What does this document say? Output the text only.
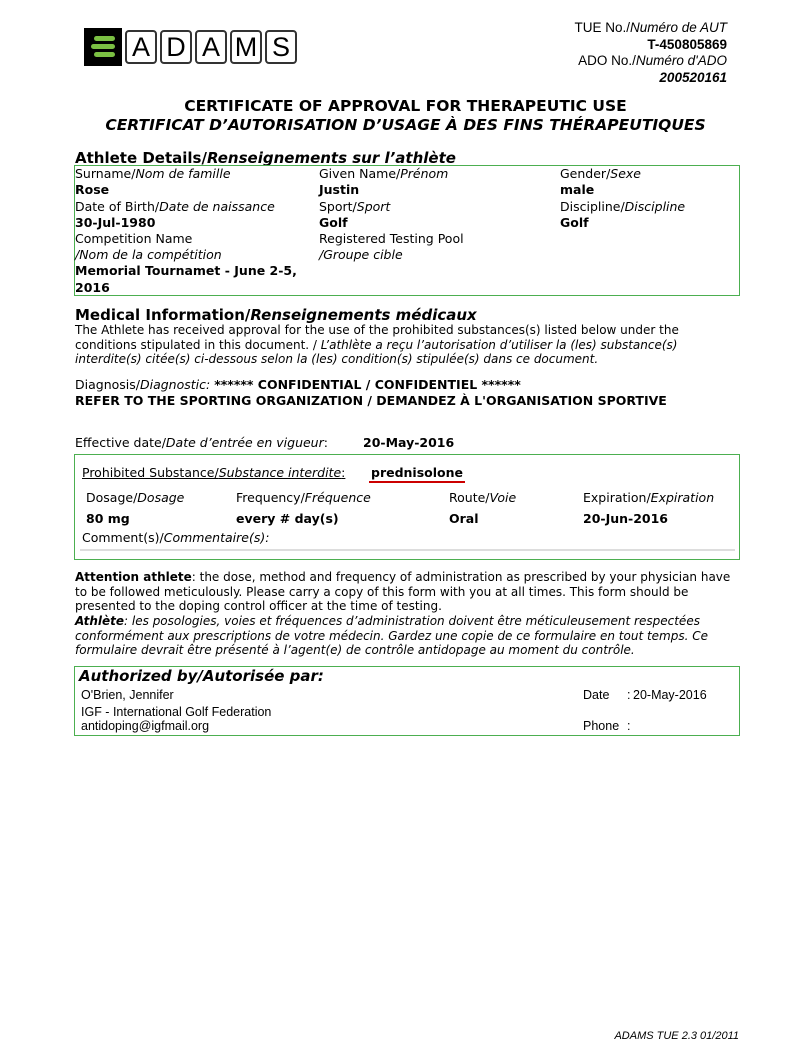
A D A M S
TUE No./Numéro de AUT
T-450805869
ADO No./Numéro d'ADO
200520161
CERTIFICATE OF APPROVAL FOR THERAPEUTIC USE
CERTIFICAT D’AUTORISATION D’USAGE À DES FINS THÉRAPEUTIQUES
Athlete Details/Renseignements sur l’athlète
Surname/Nom de famille
Rose
Given Name/Prénom
Justin
Gender/Sexe
male
Date of Birth/Date de naissance
30-Jul-1980
Sport/Sport
Golf
Discipline/Discipline
Golf
Competition Name
/Nom de la compétition
Memorial Tournamet - June 2-5,
2016
Registered Testing Pool
/Groupe cible
Medical Information/Renseignements médicaux
The Athlete has received approval for the use of the prohibited substances(s) listed below under the
conditions stipulated in this document. / L’athlète a reçu l’autorisation d’utiliser la (les) substance(s)
interdite(s) citée(s) ci-dessous selon la (les) condition(s) stipulée(s) dans ce document.
Diagnosis/Diagnostic: ****** CONFIDENTIAL / CONFIDENTIEL ******
REFER TO THE SPORTING ORGANIZATION / DEMANDEZ À L'ORGANISATION SPORTIVE
Effective date/Date d’entrée en vigueur:	20-May-2016
Prohibited Substance/Substance interdite: prednisolone
Dosage/Dosage
80 mg
Frequency/Fréquence
every # day(s)
Route/Voie
Oral
Expiration/Expiration
20-Jun-2016
Comment(s)/Commentaire(s):
Attention athlete: the dose, method and frequency of administration as prescribed by your physician have
to be followed meticulously. Please carry a copy of this form with you at all times. This form should be
presented to the doping control officer at the time of testing.
Athlète: les posologies, voies et fréquences d’administration doivent être méticuleusement respectées
conformément aux prescriptions de votre médecin. Gardez une copie de ce formulaire en tout temps. Ce
formulaire devrait être présenté à l’agent(e) de contrôle antidopage au moment du contrôle.
Authorized by/Autorisée par:
O'Brien, Jennifer
IGF - International Golf Federation
antidoping@igfmail.org
Date : 20-May-2016
Phone :
ADAMS TUE 2.3 01/2011
